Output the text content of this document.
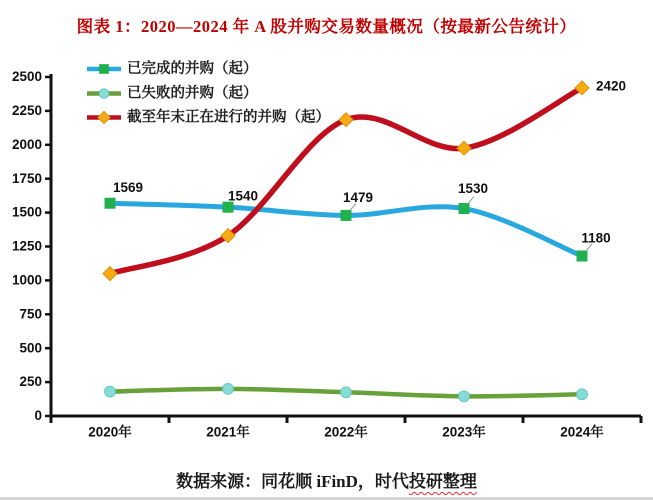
图表 1：2020—2024 年 A 股并购交易数量概况（按最新公告统计）
0
250
500
750
1000
1250
1500
1750
2000
2250
2500
2020年	2021年	2022年	2023年	2024年
1569
1540	1479
1530
1180
2420
已完成的并购（起）
已失败的并购（起）
截至年末正在进行的并购（起）
数据来源：同花顺 iFinD，时代投研整理
